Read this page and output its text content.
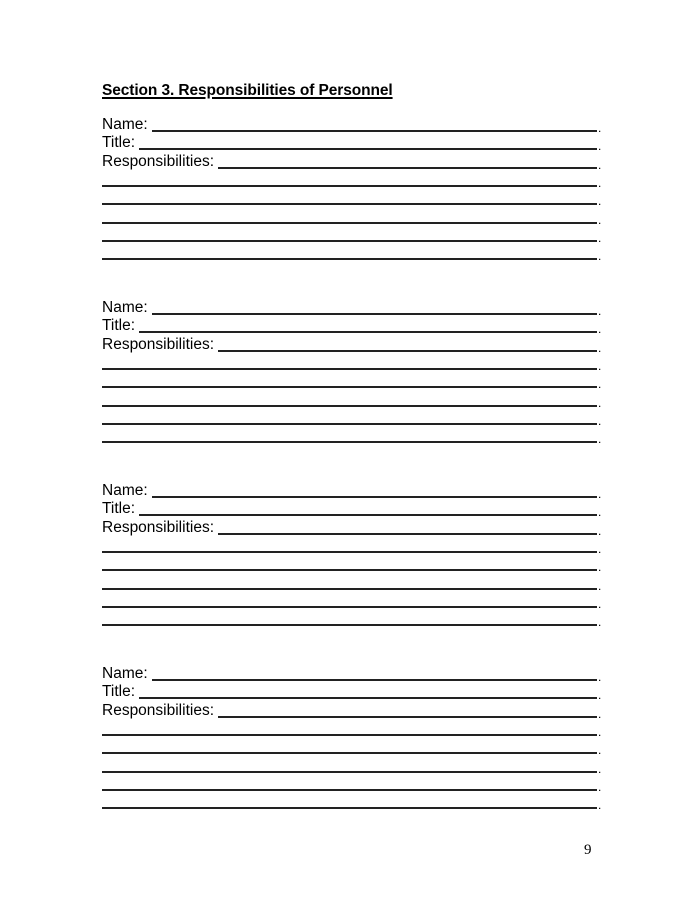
Section 3. Responsibilities of Personnel
Name:	.
Title:	.
Responsibilities:	.
.
.
.
.
.
Name:	.
Title:	.
Responsibilities:	.
.
.
.
.
.
Name:	.
Title:	.
Responsibilities:	.
.
.
.
.
.
Name:	.
Title:	.
Responsibilities:	.
.
.
.
.
.
9
